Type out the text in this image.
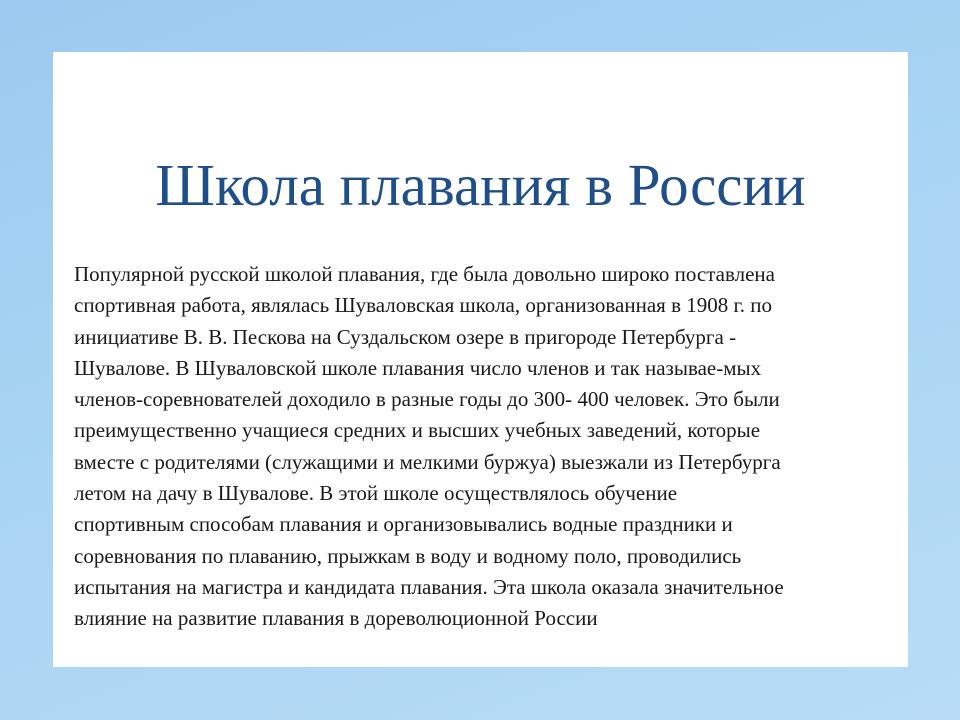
Школа плавания в России

Популярной русской школой плавания, где была довольно широко поставлена
спортивная работа, являлась Шуваловская школа, организованная в 1908 г. по
инициативе В. В. Пескова на Суздальском озере в пригороде Петербурга -
Шувалове. В Шуваловской школе плавания число членов и так называе-мых
членов-соревнователей доходило в разные годы до 300- 400 человек. Это были
преимущественно учащиеся средних и высших учебных заведений, которые
вместе с родителями (служащими и мелкими буржуа) выезжали из Петербурга
летом на дачу в Шувалове. В этой школе осуществлялось обучение
спортивным способам плавания и организовывались водные праздники и
соревнования по плаванию, прыжкам в воду и водному поло, проводились
испытания на магистра и кандидата плавания. Эта школа оказала значительное
влияние на развитие плавания в дореволюционной России
